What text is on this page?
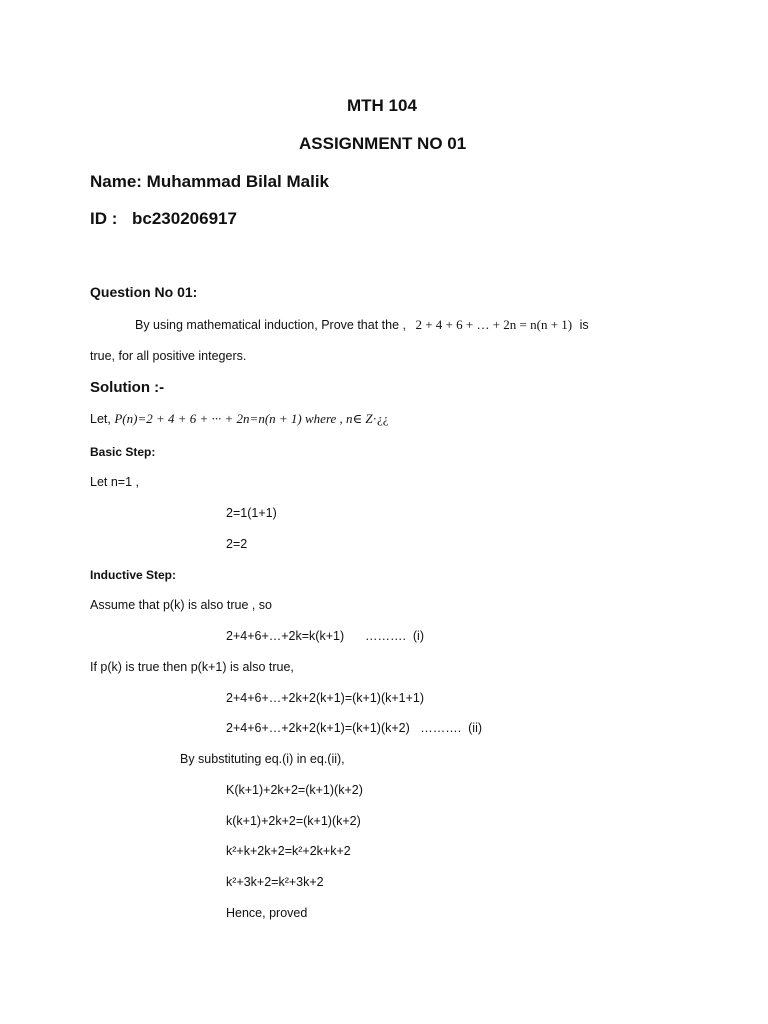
MTH 104
ASSIGNMENT NO 01
Name: Muhammad Bilal Malik
ID : bc230206917
Question No 01:
By using mathematical induction, Prove that the , 2 + 4 + 6 + … + 2n = n(n + 1) is
true, for all positive integers.
Solution :-
Let, P(n)=2 + 4 + 6 + ··· + 2n=n(n + 1) where , n∈ Z·¿¿
Basic Step:
Let n=1 ,
2=1(1+1)
2=2
Inductive Step:
Assume that p(k) is also true , so
2+4+6+…+2k=k(k+1)      ……….  (i)
If p(k) is true then p(k+1) is also true,
2+4+6+…+2k+2(k+1)=(k+1)(k+1+1)
2+4+6+…+2k+2(k+1)=(k+1)(k+2)   ……….  (ii)
By substituting eq.(i) in eq.(ii),
K(k+1)+2k+2=(k+1)(k+2)
k(k+1)+2k+2=(k+1)(k+2)
k²+k+2k+2=k²+2k+k+2
k²+3k+2=k²+3k+2
Hence, proved
